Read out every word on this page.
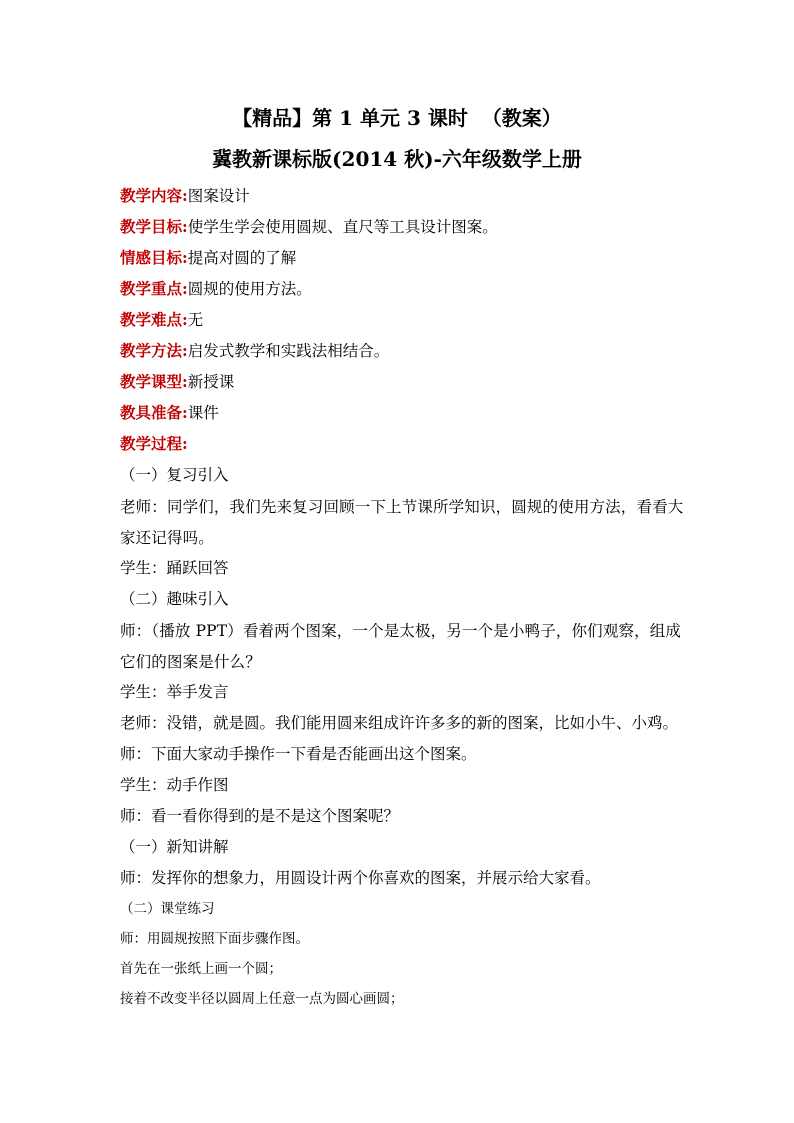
【精品】第 1 单元 3 课时  （教案）
冀教新课标版(2014 秋)-六年级数学上册
教学内容:图案设计
教学目标:使学生学会使用圆规、直尺等工具设计图案。
情感目标:提高对圆的了解
教学重点:圆规的使用方法。
教学难点:无
教学方法:启发式教学和实践法相结合。
教学课型:新授课
教具准备:课件
教学过程:
（一）复习引入
老师：同学们，我们先来复习回顾一下上节课所学知识，圆规的使用方法，看看大家还记得吗。
学生：踊跃回答
（二）趣味引入
师：（播放 PPT）看着两个图案，一个是太极，另一个是小鸭子，你们观察，组成它们的图案是什么？
学生：举手发言
老师：没错，就是圆。我们能用圆来组成许许多多的新的图案，比如小牛、小鸡。
师：下面大家动手操作一下看是否能画出这个图案。
学生：动手作图
师：看一看你得到的是不是这个图案呢？
（一）新知讲解
师：发挥你的想象力，用圆设计两个你喜欢的图案，并展示给大家看。
（二）课堂练习
师：用圆规按照下面步骤作图。
首先在一张纸上画一个圆；
接着不改变半径以圆周上任意一点为圆心画圆；
